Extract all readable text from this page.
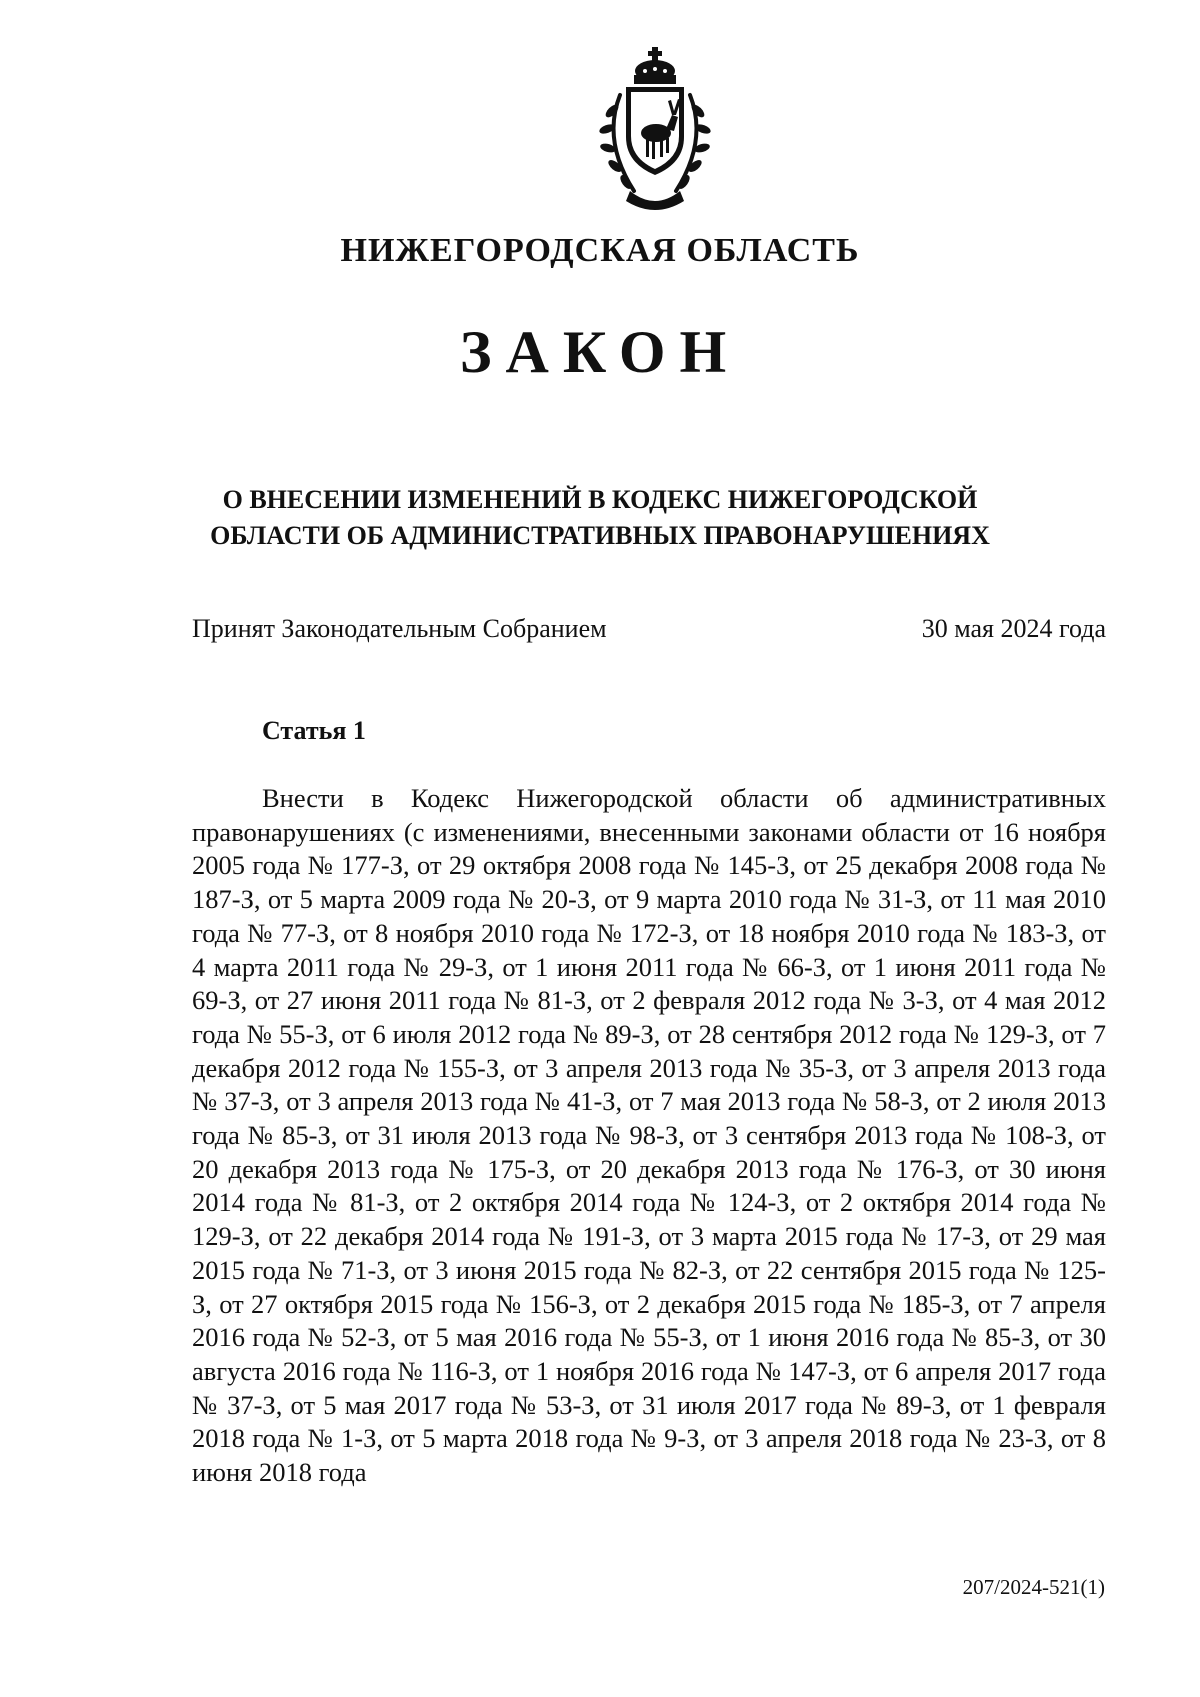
НИЖЕГОРОДСКАЯ ОБЛАСТЬ
ЗАКОН
О ВНЕСЕНИИ ИЗМЕНЕНИЙ В КОДЕКС НИЖЕГОРОДСКОЙ
ОБЛАСТИ ОБ АДМИНИСТРАТИВНЫХ ПРАВОНАРУШЕНИЯХ
Принят Законодательным Собранием	30 мая 2024 года
Статья 1
Внести в Кодекс Нижегородской области об административных правонарушениях (с изменениями, внесенными законами области от 16 ноября 2005 года № 177-З, от 29 октября 2008 года № 145-З, от 25 декабря 2008 года № 187-З, от 5 марта 2009 года № 20-З, от 9 марта 2010 года № 31-З, от 11 мая 2010 года № 77-З, от 8 ноября 2010 года № 172-З, от 18 ноября 2010 года № 183-З, от 4 марта 2011 года № 29-З, от 1 июня 2011 года № 66-З, от 1 июня 2011 года № 69-З, от 27 июня 2011 года № 81-З, от 2 февраля 2012 года № 3-З, от 4 мая 2012 года № 55-З, от 6 июля 2012 года № 89-З, от 28 сентября 2012 года № 129-З, от 7 декабря 2012 года № 155-З, от 3 апреля 2013 года № 35-З, от 3 апреля 2013 года № 37-З, от 3 апреля 2013 года № 41-З, от 7 мая 2013 года № 58-З, от 2 июля 2013 года № 85-З, от 31 июля 2013 года № 98-З, от 3 сентября 2013 года № 108-З, от 20 декабря 2013 года № 175-З, от 20 декабря 2013 года № 176-З, от 30 июня 2014 года № 81-З, от 2 октября 2014 года № 124-З, от 2 октября 2014 года № 129-З, от 22 декабря 2014 года № 191-З, от 3 марта 2015 года № 17-З, от 29 мая 2015 года № 71-З, от 3 июня 2015 года № 82-З, от 22 сентября 2015 года № 125-З, от 27 октября 2015 года № 156-З, от 2 декабря 2015 года № 185-З, от 7 апреля 2016 года № 52-З, от 5 мая 2016 года № 55-З, от 1 июня 2016 года № 85-З, от 30 августа 2016 года № 116-З, от 1 ноября 2016 года № 147-З, от 6 апреля 2017 года № 37-З, от 5 мая 2017 года № 53-З, от 31 июля 2017 года № 89-З, от 1 февраля 2018 года № 1-З, от 5 марта 2018 года № 9-З, от 3 апреля 2018 года № 23-З, от 8 июня 2018 года
207/2024-521(1)
